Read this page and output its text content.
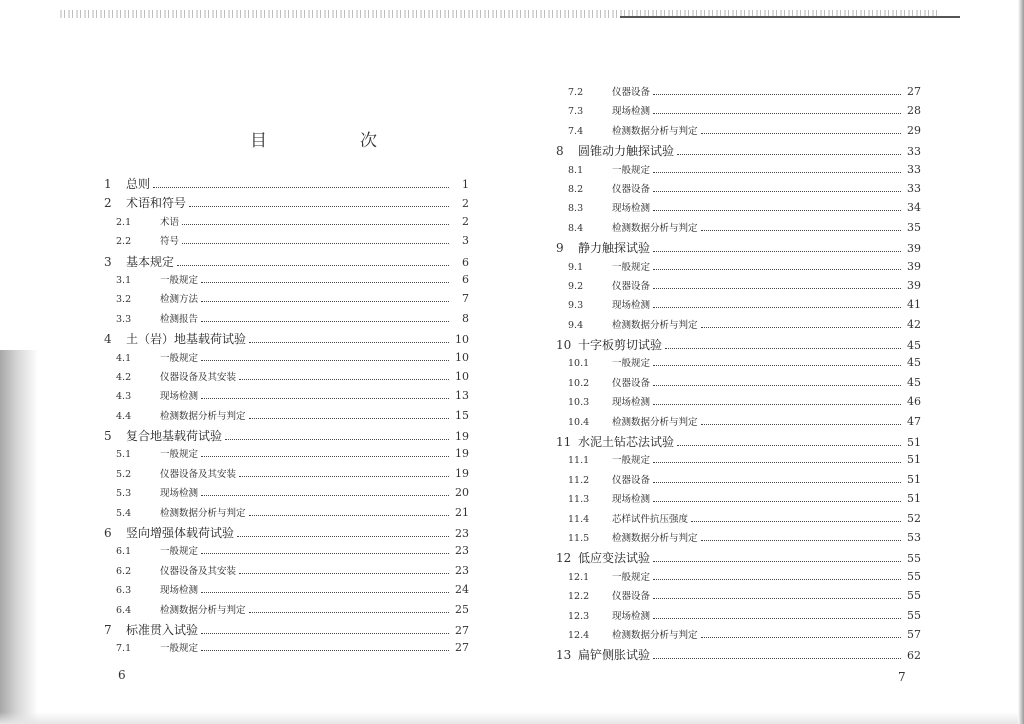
目　次
1	总则	1
2	术语和符号	2
2.1	术语	2
2.2	符号	3
3	基本规定	6
3.1	一般规定	6
3.2	检测方法	7
3.3	检测报告	8
4	土（岩）地基载荷试验	10
4.1	一般规定	10
4.2	仪器设备及其安装	10
4.3	现场检测	13
4.4	检测数据分析与判定	15
5	复合地基载荷试验	19
5.1	一般规定	19
5.2	仪器设备及其安装	19
5.3	现场检测	20
5.4	检测数据分析与判定	21
6	竖向增强体载荷试验	23
6.1	一般规定	23
6.2	仪器设备及其安装	23
6.3	现场检测	24
6.4	检测数据分析与判定	25
7	标准贯入试验	27
7.1	一般规定	27
7.2	仪器设备	27
7.3	现场检测	28
7.4	检测数据分析与判定	29
8	圆锥动力触探试验	33
8.1	一般规定	33
8.2	仪器设备	33
8.3	现场检测	34
8.4	检测数据分析与判定	35
9	静力触探试验	39
9.1	一般规定	39
9.2	仪器设备	39
9.3	现场检测	41
9.4	检测数据分析与判定	42
10 十字板剪切试验	45
10.1	一般规定	45
10.2	仪器设备	45
10.3	现场检测	46
10.4	检测数据分析与判定	47
11 水泥土钻芯法试验	51
11.1	一般规定	51
11.2	仪器设备	51
11.3	现场检测	51
11.4	芯样试件抗压强度	52
11.5	检测数据分析与判定	53
12 低应变法试验	55
12.1	一般规定	55
12.2	仪器设备	55
12.3	现场检测	55
12.4	检测数据分析与判定	57
13 扁铲侧胀试验	62
6	7
